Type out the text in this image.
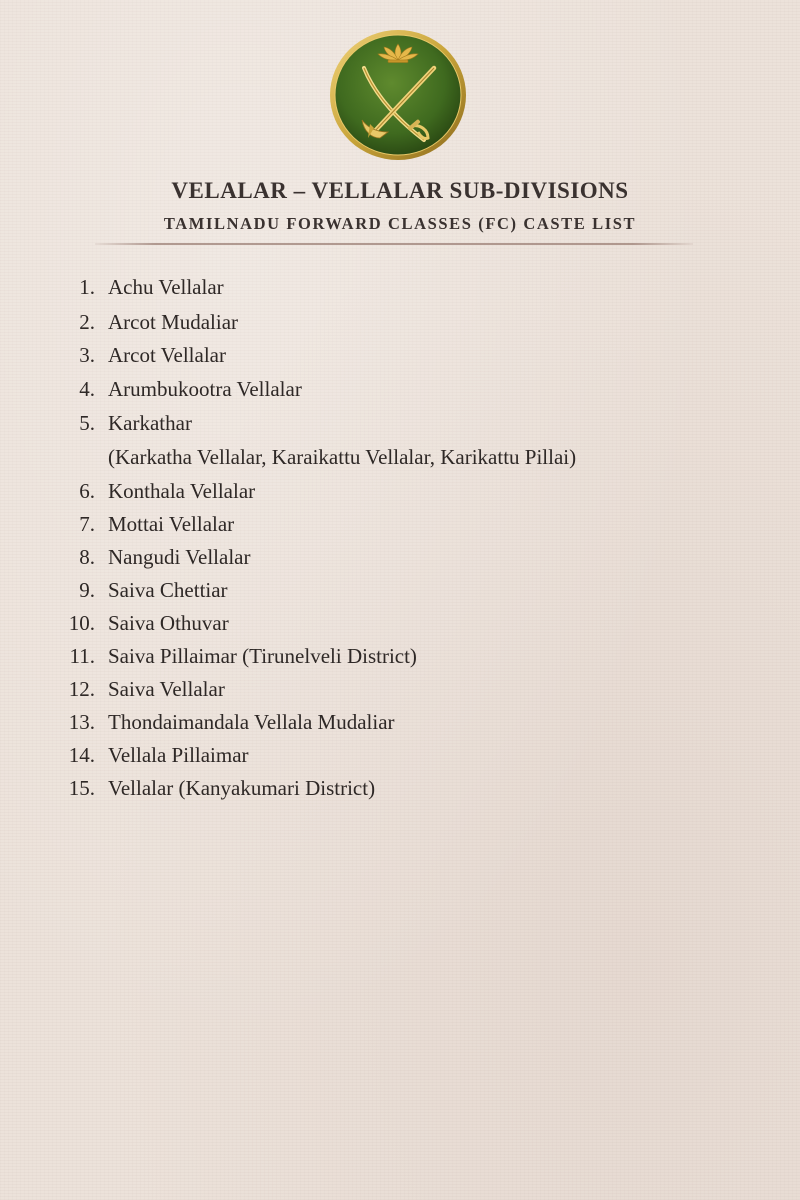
VELALAR – VELLALAR SUB-DIVISIONS
TAMILNADU FORWARD CLASSES (FC) CASTE LIST
1. Achu Vellalar
2. Arcot Mudaliar
3. Arcot Vellalar
4. Arumbukootra Vellalar
5. Karkathar
(Karkatha Vellalar, Karaikattu Vellalar, Karikattu Pillai)
6. Konthala Vellalar
7. Mottai Vellalar
8. Nangudi Vellalar
9. Saiva Chettiar
10. Saiva Othuvar
11. Saiva Pillaimar (Tirunelveli District)
12. Saiva Vellalar
13. Thondaimandala Vellala Mudaliar
14. Vellala Pillaimar
15. Vellalar (Kanyakumari District)
